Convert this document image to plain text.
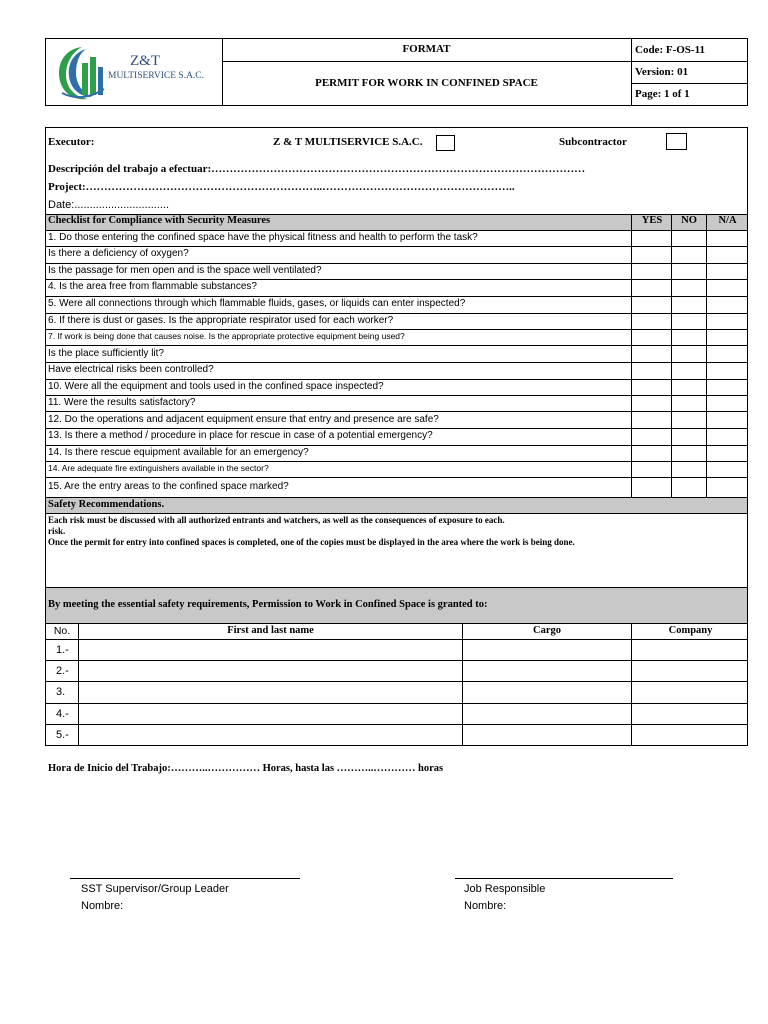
Z&T
MULTISERVICE S.A.C.
FORMAT
PERMIT FOR WORK IN CONFINED SPACE
Code: F-OS-11
Version: 01
Page: 1 of 1
Executor:	Z & T MULTISERVICE S.A.C.	Subcontractor
Descripción del trabajo a efectuar:…………………………………………………………………………………………
Project:………………………………………………………..……………………………………………..
Date:...............................
Checklist for Compliance with Security Measures	YES	NO	N/A
1. Do those entering the confined space have the physical fitness and health to perform the task?
Is there a deficiency of oxygen?
Is the passage for men open and is the space well ventilated?
4. Is the area free from flammable substances?
5. Were all connections through which flammable fluids, gases, or liquids can enter inspected?
6. If there is dust or gases. Is the appropriate respirator used for each worker?
7. If work is being done that causes noise. Is the appropriate protective equipment being used?
Is the place sufficiently lit?
Have electrical risks been controlled?
10. Were all the equipment and tools used in the confined space inspected?
11. Were the results satisfactory?
12. Do the operations and adjacent equipment ensure that entry and presence are safe?
13. Is there a method / procedure in place for rescue in case of a potential emergency?
14. Is there rescue equipment available for an emergency?
14. Are adequate fire extinguishers available in the sector?
15. Are the entry areas to the confined space marked?
Safety Recommendations.
Each risk must be discussed with all authorized entrants and watchers, as well as the consequences of exposure to each.
risk.
Once the permit for entry into confined spaces is completed, one of the copies must be displayed in the area where the work is being done.
By meeting the essential safety requirements, Permission to Work in Confined Space is granted to:
No.	First and last name	Cargo	Company
1.-
2.-
3.
4.-
5.-
Hora de Inicio del Trabajo:………..…………… Horas, hasta las ………..………… horas
SST Supervisor/Group Leader
Nombre:
Job Responsible
Nombre:
